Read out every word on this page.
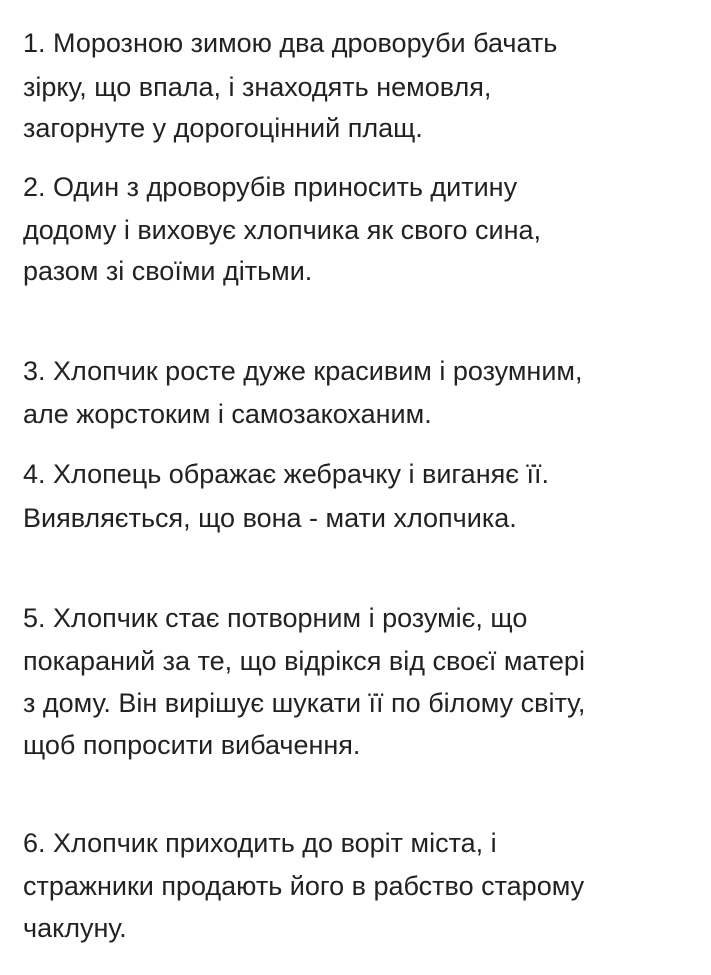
1. Морозною зимою два дроворуби бачать
зірку, що впала, і знаходять немовля,
загорнуте у дорогоцінний плащ.
2. Один з дроворубів приносить дитину
додому і виховує хлопчика як свого сина,
разом зі своїми дітьми.
3. Хлопчик росте дуже красивим і розумним,
але жорстоким і самозакоханим.
4. Хлопець ображає жебрачку і виганяє її.
Виявляється, що вона - мати хлопчика.
5. Хлопчик стає потворним і розуміє, що
покараний за те, що відрікся від своєї матері
з дому. Він вирішує шукати її по білому світу,
щоб попросити вибачення.
6. Хлопчик приходить до воріт міста, і
стражники продають його в рабство старому
чаклуну.
